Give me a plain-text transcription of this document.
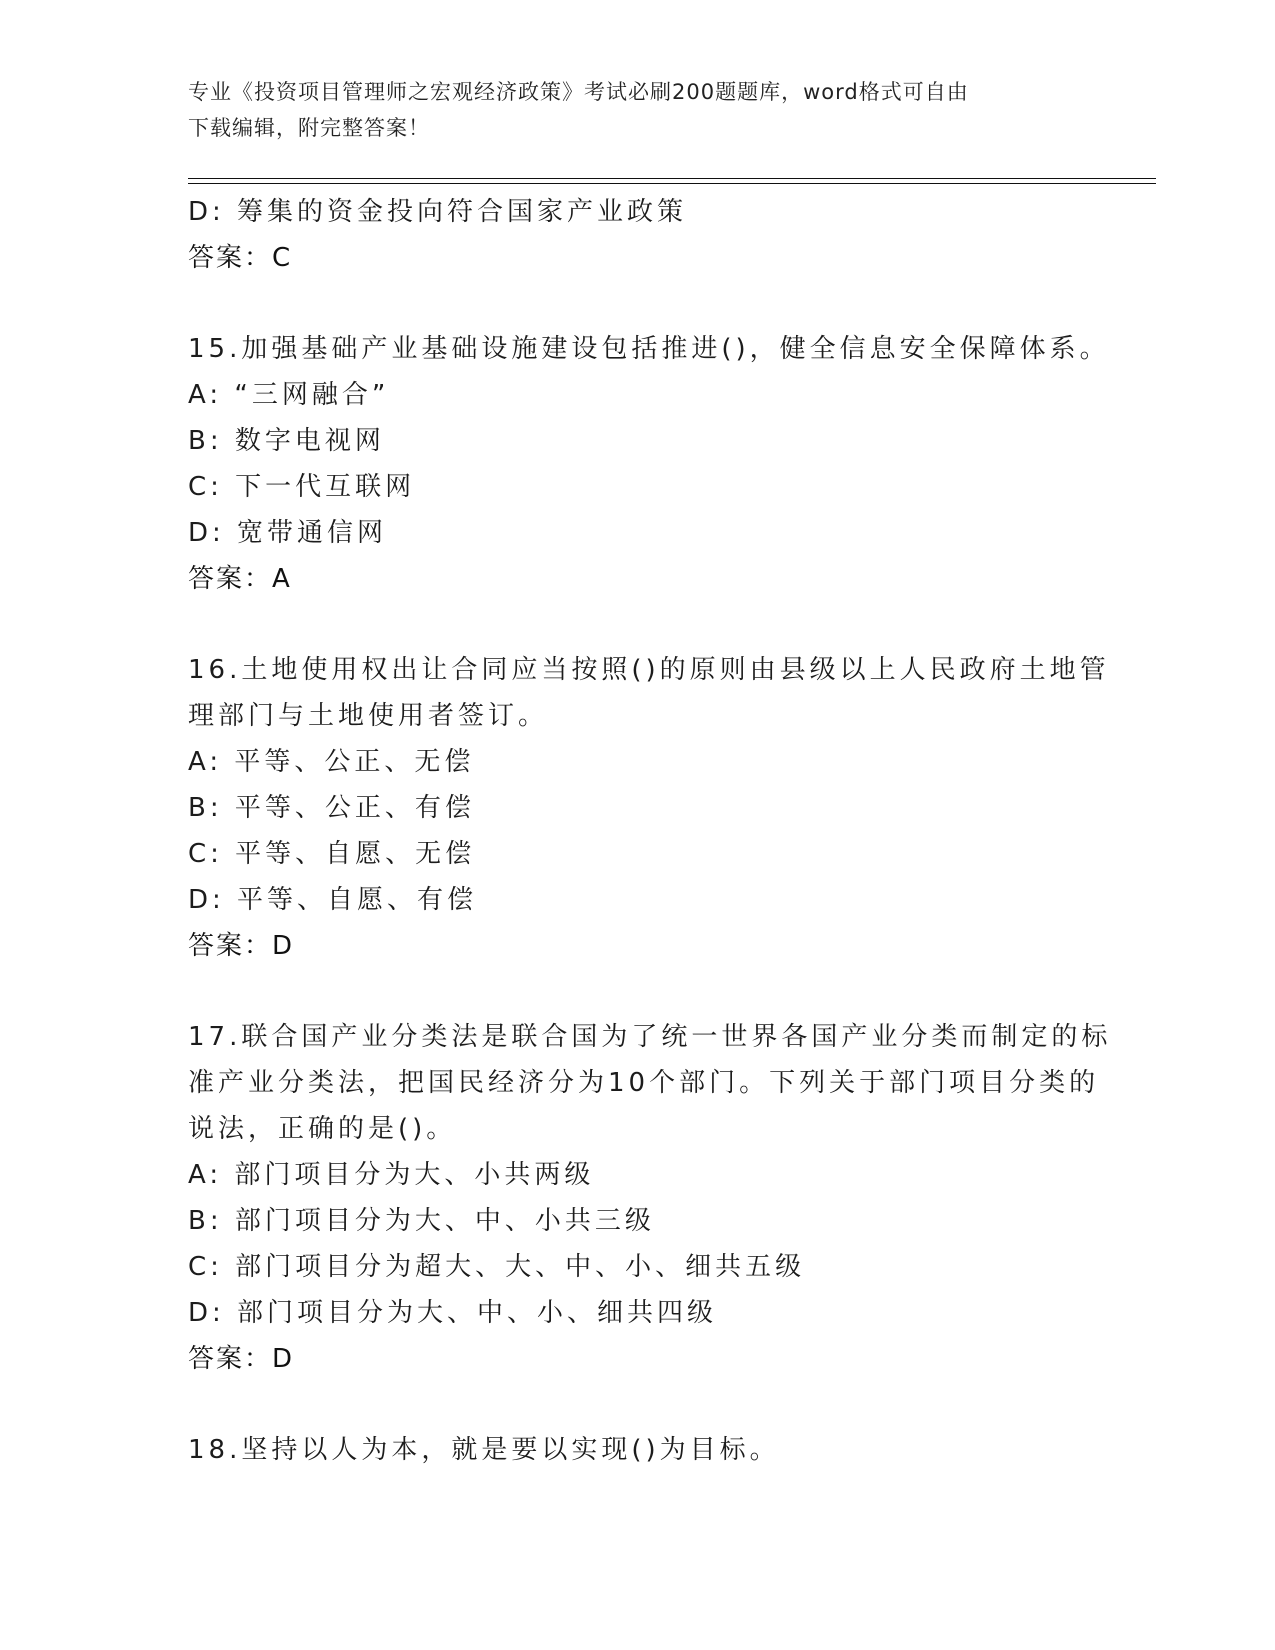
专业《投资项目管理师之宏观经济政策》考试必刷200题题库，word格式可自由
下载编辑，附完整答案！
D: 筹集的资金投向符合国家产业政策
答案：C
15.加强基础产业基础设施建设包括推进()，健全信息安全保障体系。
A: “三网融合”
B: 数字电视网
C: 下一代互联网
D: 宽带通信网
答案：A
16.土地使用权出让合同应当按照()的原则由县级以上人民政府土地管
理部门与土地使用者签订。
A: 平等、公正、无偿
B: 平等、公正、有偿
C: 平等、自愿、无偿
D: 平等、自愿、有偿
答案：D
17.联合国产业分类法是联合国为了统一世界各国产业分类而制定的标
准产业分类法，把国民经济分为10个部门。下列关于部门项目分类的
说法，正确的是()。
A: 部门项目分为大、小共两级
B: 部门项目分为大、中、小共三级
C: 部门项目分为超大、大、中、小、细共五级
D: 部门项目分为大、中、小、细共四级
答案：D
18.坚持以人为本，就是要以实现()为目标。
